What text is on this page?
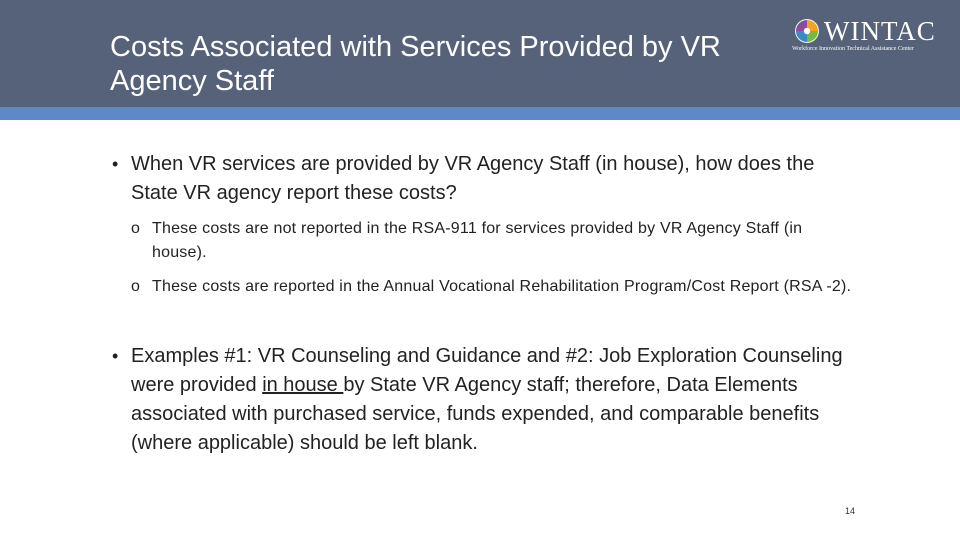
Costs Associated with Services Provided by VR Agency Staff
WINTAC
Workforce Innovation Technical Assistance Center
• When VR services are provided by VR Agency Staff (in house), how does the State VR agency report these costs?
o These costs are not reported in the RSA-911 for services provided by VR Agency Staff (in house).
o These costs are reported in the Annual Vocational Rehabilitation Program/Cost Report (RSA -2).
• Examples #1: VR Counseling and Guidance and #2: Job Exploration Counseling were provided in house by State VR Agency staff; therefore, Data Elements associated with purchased service, funds expended, and comparable benefits (where applicable) should be left blank.
14
